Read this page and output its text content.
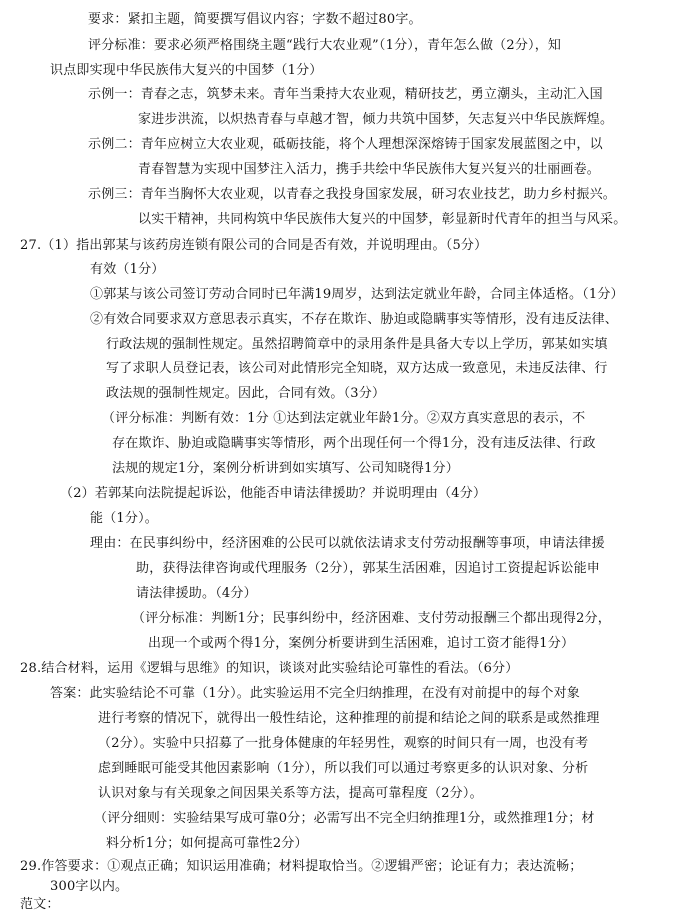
要求：紧扣主题，简要撰写倡议内容；字数不超过80字。
评分标准：要求必须严格围绕主题“践行大农业观”（1分），青年怎么做（2分），知
识点即实现中华民族伟大复兴的中国梦（1分）
示例一：青春之志，筑梦未来。青年当秉持大农业观，精研技艺，勇立潮头，主动汇入国
家进步洪流，以炽热青春与卓越才智，倾力共筑中国梦，矢志复兴中华民族辉煌。
示例二：青年应树立大农业观，砥砺技能，将个人理想深深熔铸于国家发展蓝图之中，以
青春智慧为实现中国梦注入活力，携手共绘中华民族伟大复兴复兴的壮丽画卷。
示例三：青年当胸怀大农业观，以青春之我投身国家发展，研习农业技艺，助力乡村振兴。
以实干精神，共同构筑中华民族伟大复兴的中国梦，彰显新时代青年的担当与风采。
27.（1）指出郭某与该药房连锁有限公司的合同是否有效，并说明理由。（5分）
有效（1分）
①郭某与该公司签订劳动合同时已年满19周岁，达到法定就业年龄，合同主体适格。（1分）
②有效合同要求双方意思表示真实，不存在欺诈、胁迫或隐瞒事实等情形，没有违反法律、
行政法规的强制性规定。虽然招聘简章中的录用条件是具备大专以上学历，郭某如实填
写了求职人员登记表，该公司对此情形完全知晓，双方达成一致意见，未违反法律、行
政法规的强制性规定。因此，合同有效。（3分）
（评分标准：判断有效：1分 ①达到法定就业年龄1分。②双方真实意思的表示，不
存在欺诈、胁迫或隐瞒事实等情形，两个出现任何一个得1分，没有违反法律、行政
法规的规定1分，案例分析讲到如实填写、公司知晓得1分）
（2）若郭某向法院提起诉讼，他能否申请法律援助？并说明理由（4分）
能（1分）。
理由：在民事纠纷中，经济困难的公民可以就依法请求支付劳动报酬等事项，申请法律援
助，获得法律咨询或代理服务（2分），郭某生活困难，因追讨工资提起诉讼能申
请法律援助。（4分）
（评分标准：判断1分；民事纠纷中，经济困难、支付劳动报酬三个都出现得2分，
出现一个或两个得1分，案例分析要讲到生活困难，追讨工资才能得1分）
28.结合材料，运用《逻辑与思维》的知识，谈谈对此实验结论可靠性的看法。（6分）
答案：此实验结论不可靠（1分）。此实验运用不完全归纳推理，在没有对前提中的每个对象
进行考察的情况下，就得出一般性结论，这种推理的前提和结论之间的联系是或然推理
（2分）。实验中只招募了一批身体健康的年轻男性，观察的时间只有一周，也没有考
虑到睡眠可能受其他因素影响（1分），所以我们可以通过考察更多的认识对象、分析
认识对象与有关现象之间因果关系等方法，提高可靠程度（2分）。
（评分细则：实验结果写成可靠0分；必需写出不完全归纳推理1分，或然推理1分；材
料分析1分；如何提高可靠性2分）
29.作答要求：①观点正确；知识运用准确；材料提取恰当。②逻辑严密；论证有力；表达流畅；
300字以内。
范文：
